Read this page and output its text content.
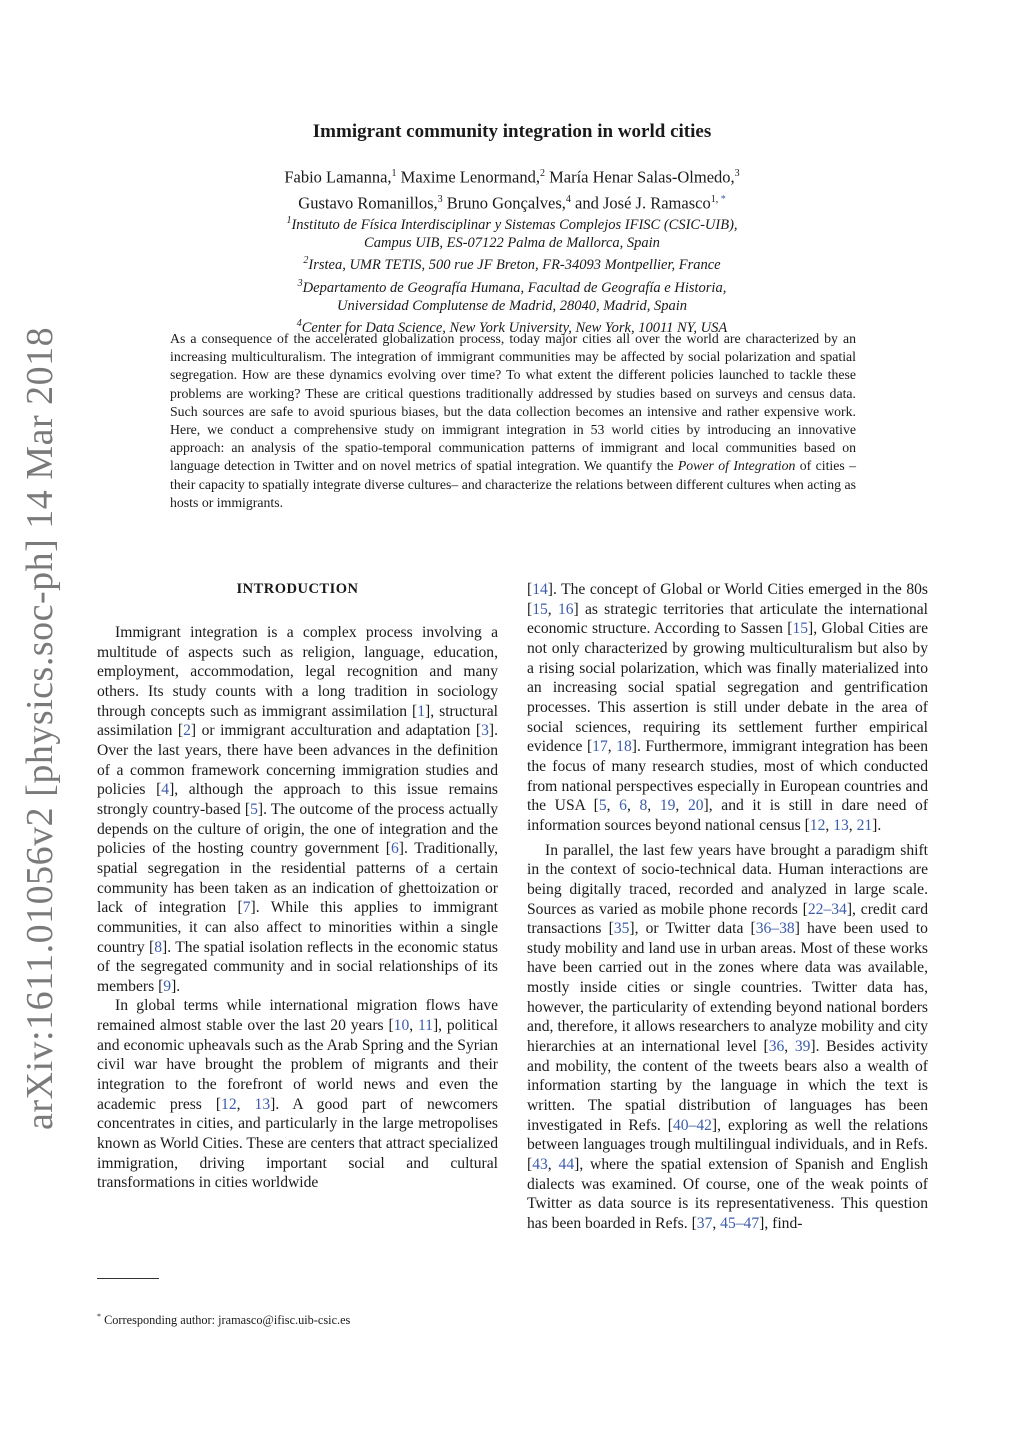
arXiv:1611.01056v2 [physics.soc-ph] 14 Mar 2018
Immigrant community integration in world cities
Fabio Lamanna,$^1$ Maxime Lenormand,$^2$ María Henar Salas-Olmedo,$^3$
Gustavo Romanillos,$^3$ Bruno Gonçalves,$^4$ and José J. Ramasco$^{1, *}$
$^1$Instituto de Física Interdisciplinar y Sistemas Complejos IFISC (CSIC-UIB),
Campus UIB, ES-07122 Palma de Mallorca, Spain
$^2$Irstea, UMR TETIS, 500 rue JF Breton, FR-34093 Montpellier, France
$^3$Departamento de Geografía Humana, Facultad de Geografía e Historia,
Universidad Complutense de Madrid, 28040, Madrid, Spain
$^4$Center for Data Science, New York University, New York, 10011 NY, USA
As a consequence of the accelerated globalization process, today major cities all over the world are characterized by an increasing multiculturalism. The integration of immigrant communities may be affected by social polarization and spatial segregation. How are these dynamics evolving over time? To what extent the different policies launched to tackle these problems are working? These are critical questions traditionally addressed by studies based on surveys and census data. Such sources are safe to avoid spurious biases, but the data collection becomes an intensive and rather expensive work. Here, we conduct a comprehensive study on immigrant integration in 53 world cities by introducing an innovative approach: an analysis of the spatio-temporal communication patterns of immigrant and local communities based on language detection in Twitter and on novel metrics of spatial integration. We quantify the Power of Integration of cities –their capacity to spatially integrate diverse cultures– and characterize the relations between different cultures when acting as hosts or immigrants.
INTRODUCTION

Immigrant integration is a complex process involving a multitude of aspects such as religion, language, education, employment, accommodation, legal recognition and many others. Its study counts with a long tradition in sociology through concepts such as immigrant assimilation [1], structural assimilation [2] or immigrant acculturation and adaptation [3]. Over the last years, there have been advances in the definition of a common framework concerning immigration studies and policies [4], although the approach to this issue remains strongly country-based [5]. The outcome of the process actually depends on the culture of origin, the one of integration and the policies of the hosting country government [6]. Traditionally, spatial segregation in the residential patterns of a certain community has been taken as an indication of ghettoization or lack of integration [7]. While this applies to immigrant communities, it can also affect to minorities within a single country [8]. The spatial isolation reflects in the economic status of the segregated community and in social relationships of its members [9].

In global terms while international migration flows have remained almost stable over the last 20 years [10, 11], political and economic upheavals such as the Arab Spring and the Syrian civil war have brought the problem of migrants and their integration to the forefront of world news and even the academic press [12, 13]. A good part of newcomers concentrates in cities, and particularly in the large metropolises known as World Cities. These are centers that attract specialized immigration, driving important social and cultural transformations in cities worldwide

[14]. The concept of Global or World Cities emerged in the 80s [15, 16] as strategic territories that articulate the international economic structure. According to Sassen [15], Global Cities are not only characterized by growing multiculturalism but also by a rising social polarization, which was finally materialized into an increasing social spatial segregation and gentrification processes. This assertion is still under debate in the area of social sciences, requiring its settlement further empirical evidence [17, 18]. Furthermore, immigrant integration has been the focus of many research studies, most of which conducted from national perspectives especially in European countries and the USA [5, 6, 8, 19, 20], and it is still in dare need of information sources beyond national census [12, 13, 21].

In parallel, the last few years have brought a paradigm shift in the context of socio-technical data. Human interactions are being digitally traced, recorded and analyzed in large scale. Sources as varied as mobile phone records [22–34], credit card transactions [35], or Twitter data [36–38] have been used to study mobility and land use in urban areas. Most of these works have been carried out in the zones where data was available, mostly inside cities or single countries. Twitter data has, however, the particularity of extending beyond national borders and, therefore, it allows researchers to analyze mobility and city hierarchies at an international level [36, 39]. Besides activity and mobility, the content of the tweets bears also a wealth of information starting by the language in which the text is written. The spatial distribution of languages has been investigated in Refs. [40–42], exploring as well the relations between languages trough multilingual individuals, and in Refs. [43, 44], where the spatial extension of Spanish and English dialects was examined. Of course, one of the weak points of Twitter as data source is its representativeness. This question has been boarded in Refs. [37, 45–47], find-

* Corresponding author: jramasco@ifisc.uib-csic.es
